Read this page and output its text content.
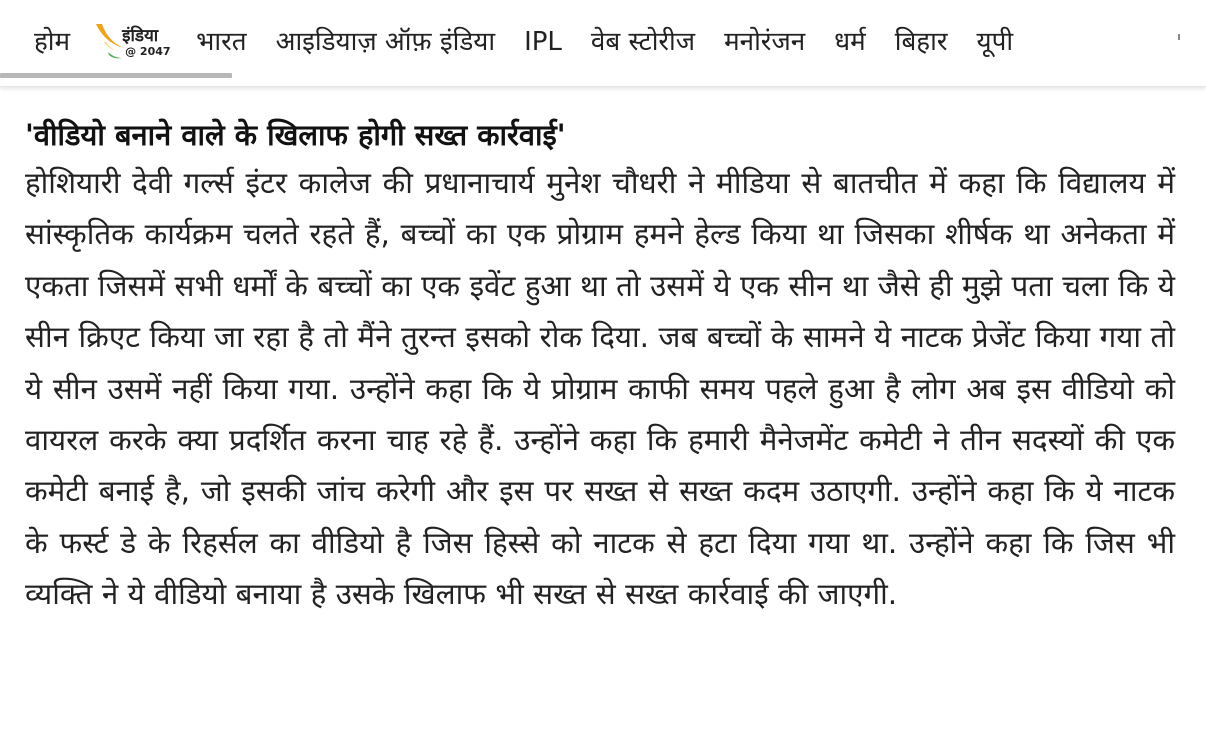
होम	इंडिया
@ 2047 भारत आइडियाज़ ऑफ़ इंडिया IPL वेब स्टोरीज मनोरंजन धर्म बिहार यूपी
'वीडियो बनाने वाले के खिलाफ होगी सख्त कार्रवाई'

होशियारी देवी गर्ल्स इंटर कालेज की प्रधानाचार्य मुनेश चौधरी ने मीडिया से बातचीत में कहा कि विद्यालय में सांस्कृतिक कार्यक्रम चलते रहते हैं, बच्चों का एक प्रोग्राम हमने हेल्ड किया था जिसका शीर्षक था अनेकता में एकता जिसमें सभी धर्मों के बच्चों का एक इवेंट हुआ था तो उसमें ये एक सीन था जैसे ही मुझे पता चला कि ये सीन क्रिएट किया जा रहा है तो मैंने तुरन्त इसको रोक दिया. जब बच्चों के सामने ये नाटक प्रेजेंट किया गया तो ये सीन उसमें नहीं किया गया. उन्होंने कहा कि ये प्रोग्राम काफी समय पहले हुआ है लोग अब इस वीडियो को वायरल करके क्या प्रदर्शित करना चाह रहे हैं. उन्होंने कहा कि हमारी मैनेजमेंट कमेटी ने तीन सदस्यों की एक कमेटी बनाई है, जो इसकी जांच करेगी और इस पर सख्त से सख्त कदम उठाएगी. उन्होंने कहा कि ये नाटक के फर्स्ट डे के रिहर्सल का वीडियो है जिस हिस्से को नाटक से हटा दिया गया था. उन्होंने कहा कि जिस भी व्यक्ति ने ये वीडियो बनाया है उसके खिलाफ भी सख्त से सख्त कार्रवाई की जाएगी.
